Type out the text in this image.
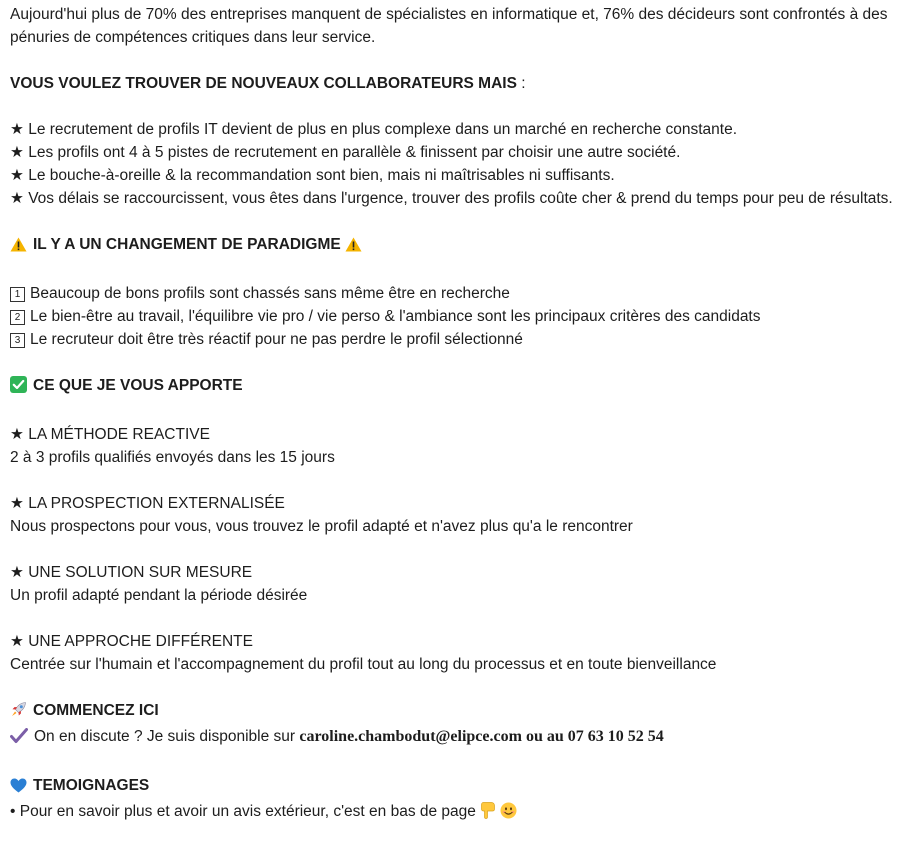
Aujourd'hui plus de 70% des entreprises manquent de spécialistes en informatique et, 76% des décideurs sont confrontés à des pénuries de compétences critiques dans leur service.
VOUS VOULEZ TROUVER DE NOUVEAUX COLLABORATEURS MAIS :
★ Le recrutement de profils IT devient de plus en plus complexe dans un marché en recherche constante.
★ Les profils ont 4 à 5 pistes de recrutement en parallèle & finissent par choisir une autre société.
★ Le bouche-à-oreille & la recommandation sont bien, mais ni maîtrisables ni suffisants.
★ Vos délais se raccourcissent, vous êtes dans l'urgence, trouver des profils coûte cher & prend du temps pour peu de résultats.
IL Y A UN CHANGEMENT DE PARADIGME
1 Beaucoup de bons profils sont chassés sans même être en recherche
2 Le bien-être au travail, l'équilibre vie pro / vie perso & l'ambiance sont les principaux critères des candidats
3 Le recruteur doit être très réactif pour ne pas perdre le profil sélectionné
CE QUE JE VOUS APPORTE
★ LA MÉTHODE REACTIVE
2 à 3 profils qualifiés envoyés dans les 15 jours
★ LA PROSPECTION EXTERNALISÉE
Nous prospectons pour vous, vous trouvez le profil adapté et n'avez plus qu'a le rencontrer
★ UNE SOLUTION SUR MESURE
Un profil adapté pendant la période désirée
★ UNE APPROCHE DIFFÉRENTE
Centrée sur l'humain et l'accompagnement du profil tout au long du processus et en toute bienveillance
COMMENCEZ ICI
On en discute ? Je suis disponible sur caroline.chambodut@elipce.com ou au 07 63 10 52 54
TEMOIGNAGES
• Pour en savoir plus et avoir un avis extérieur, c'est en bas de page
